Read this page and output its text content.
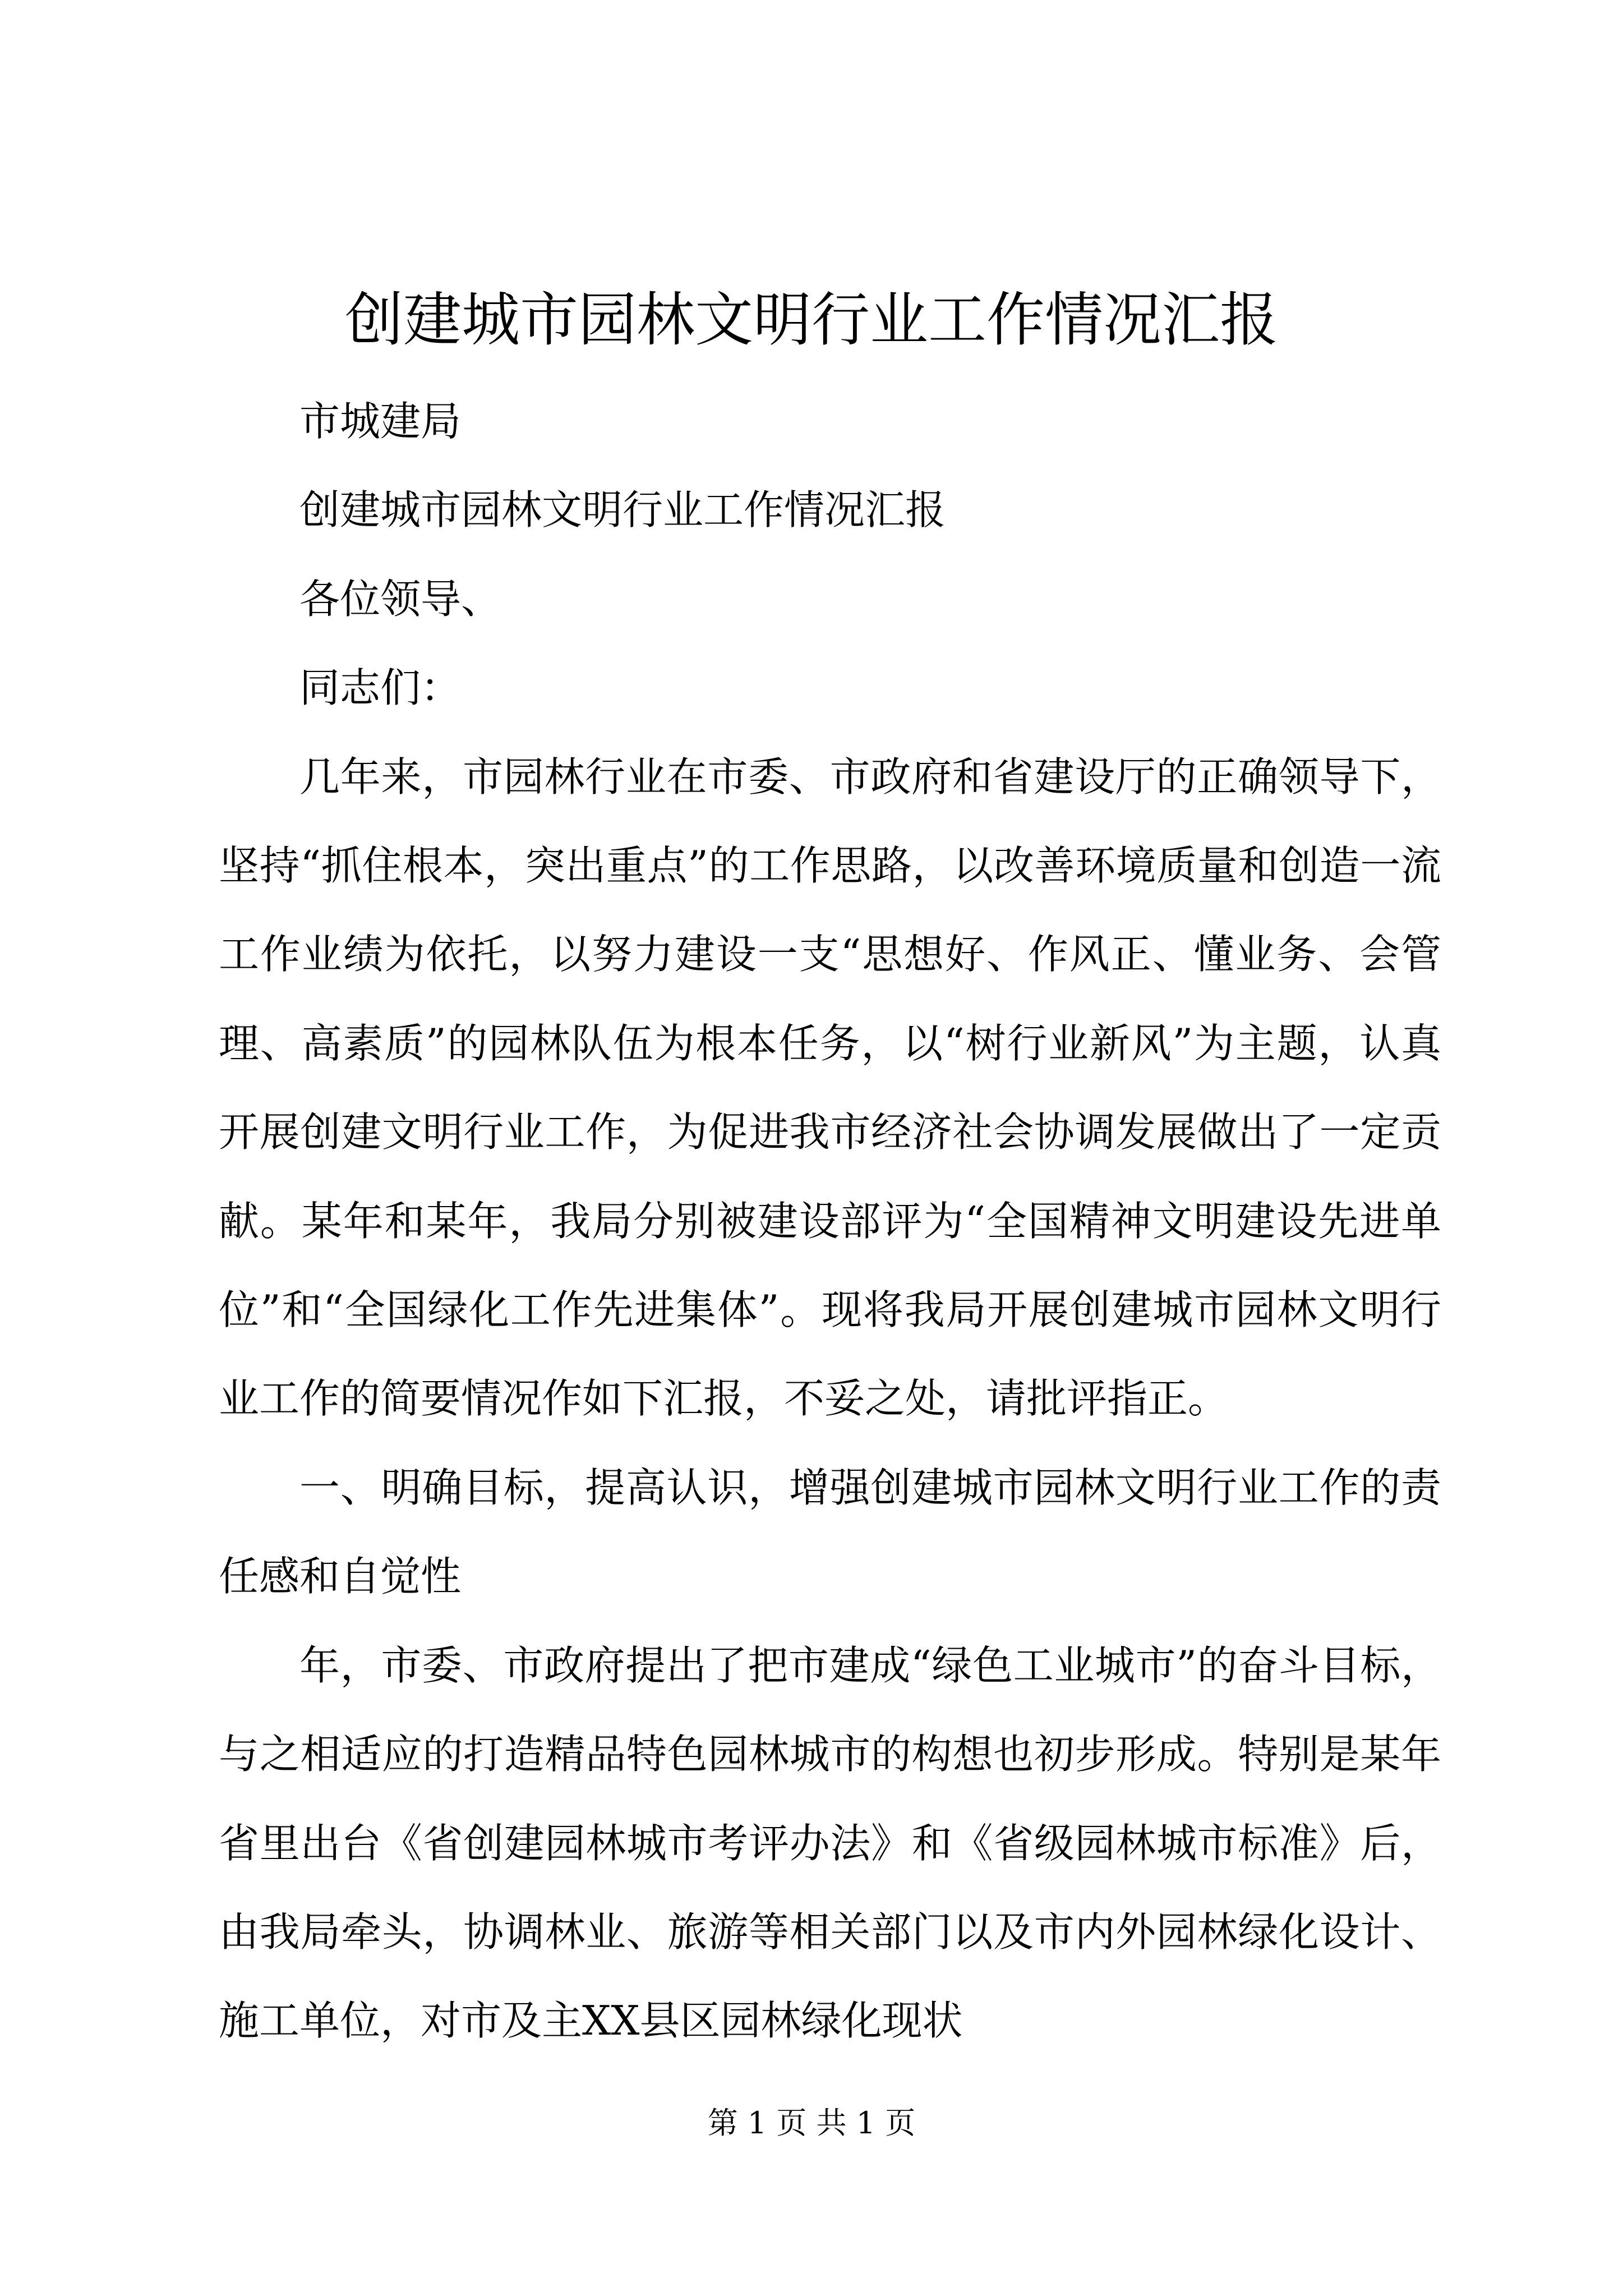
创建城市园林文明行业工作情况汇报

市城建局

创建城市园林文明行业工作情况汇报

各位领导、

同志们：

几年来，市园林行业在市委、市政府和省建设厅的正确领导下，坚持“抓住根本，突出重点”的工作思路，以改善环境质量和创造一流工作业绩为依托，以努力建设一支“思想好、作风正、懂业务、会管理、高素质”的园林队伍为根本任务，以“树行业新风”为主题，认真开展创建文明行业工作，为促进我市经济社会协调发展做出了一定贡献。某年和某年，我局分别被建设部评为“全国精神文明建设先进单位”和“全国绿化工作先进集体”。现将我局开展创建城市园林文明行业工作的简要情况作如下汇报，不妥之处，请批评指正。

一、明确目标，提高认识，增强创建城市园林文明行业工作的责任感和自觉性

年，市委、市政府提出了把市建成“绿色工业城市”的奋斗目标，与之相适应的打造精品特色园林城市的构想也初步形成。特别是某年省里出台《省创建园林城市考评办法》和《省级园林城市标准》后，由我局牵头，协调林业、旅游等相关部门以及市内外园林绿化设计、施工单位，对市及主XX县区园林绿化现状

第 1 页 共 1 页
